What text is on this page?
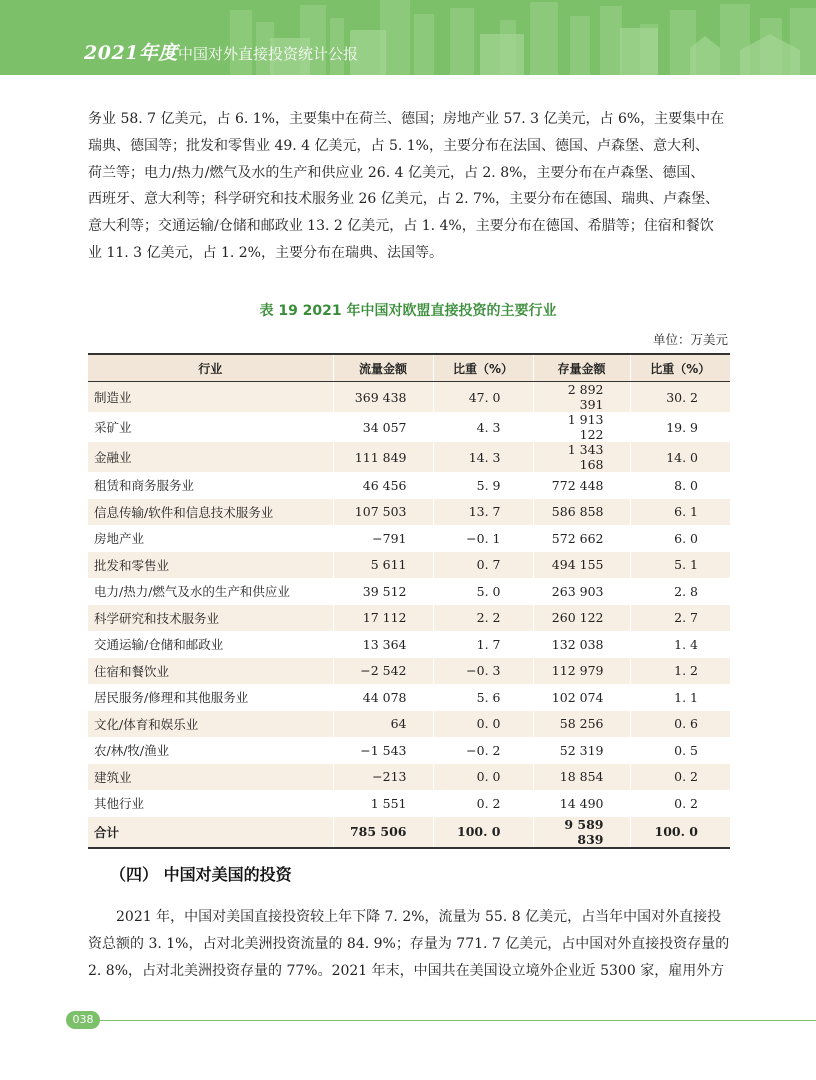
2021年度 中国对外直接投资统计公报

务业 58. 7 亿美元，占 6. 1%，主要集中在荷兰、德国；房地产业 57. 3 亿美元，占 6%，主要集中在

瑞典、德国等；批发和零售业 49. 4 亿美元，占 5. 1%，主要分布在法国、德国、卢森堡、意大利、

荷兰等；电力/热力/燃气及水的生产和供应业 26. 4 亿美元，占 2. 8%，主要分布在卢森堡、德国、

西班牙、意大利等；科学研究和技术服务业 26 亿美元，占 2. 7%，主要分布在德国、瑞典、卢森堡、

意大利等；交通运输/仓储和邮政业 13. 2 亿美元，占 1. 4%，主要分布在德国、希腊等；住宿和餐饮

业 11. 3 亿美元，占 1. 2%，主要分布在瑞典、法国等。

表 19 2021 年中国对欧盟直接投资的主要行业
单位：万美元
行业	流量金额	比重（%）	存量金额	比重（%）
制造业	369 438	47. 0	2 892 391	30. 2
采矿业	34 057	4. 3	1 913 122	19. 9
金融业	111 849	14. 3	1 343 168	14. 0
租赁和商务服务业	46 456	5. 9	772 448	8. 0
信息传输/软件和信息技术服务业	107 503	13. 7	586 858	6. 1
房地产业	−791	−0. 1	572 662	6. 0
批发和零售业	5 611	0. 7	494 155	5. 1
电力/热力/燃气及水的生产和供应业	39 512	5. 0	263 903	2. 8
科学研究和技术服务业	17 112	2. 2	260 122	2. 7
交通运输/仓储和邮政业	13 364	1. 7	132 038	1. 4
住宿和餐饮业	−2 542	−0. 3	112 979	1. 2
居民服务/修理和其他服务业	44 078	5. 6	102 074	1. 1
文化/体育和娱乐业	64	0. 0	58 256	0. 6
农/林/牧/渔业	−1 543	−0. 2	52 319	0. 5
建筑业	−213	0. 0	18 854	0. 2
其他行业	1 551	0. 2	14 490	0. 2
合计	785 506	100. 0	9 589 839	100. 0
（四） 中国对美国的投资

2021 年，中国对美国直接投资较上年下降 7. 2%，流量为 55. 8 亿美元，占当年中国对外直接投

资总额的 3. 1%，占对北美洲投资流量的 84. 9%；存量为 771. 7 亿美元，占中国对外直接投资存量的

2. 8%，占对北美洲投资存量的 77%。2021 年末，中国共在美国设立境外企业近 5300 家，雇用外方

038
